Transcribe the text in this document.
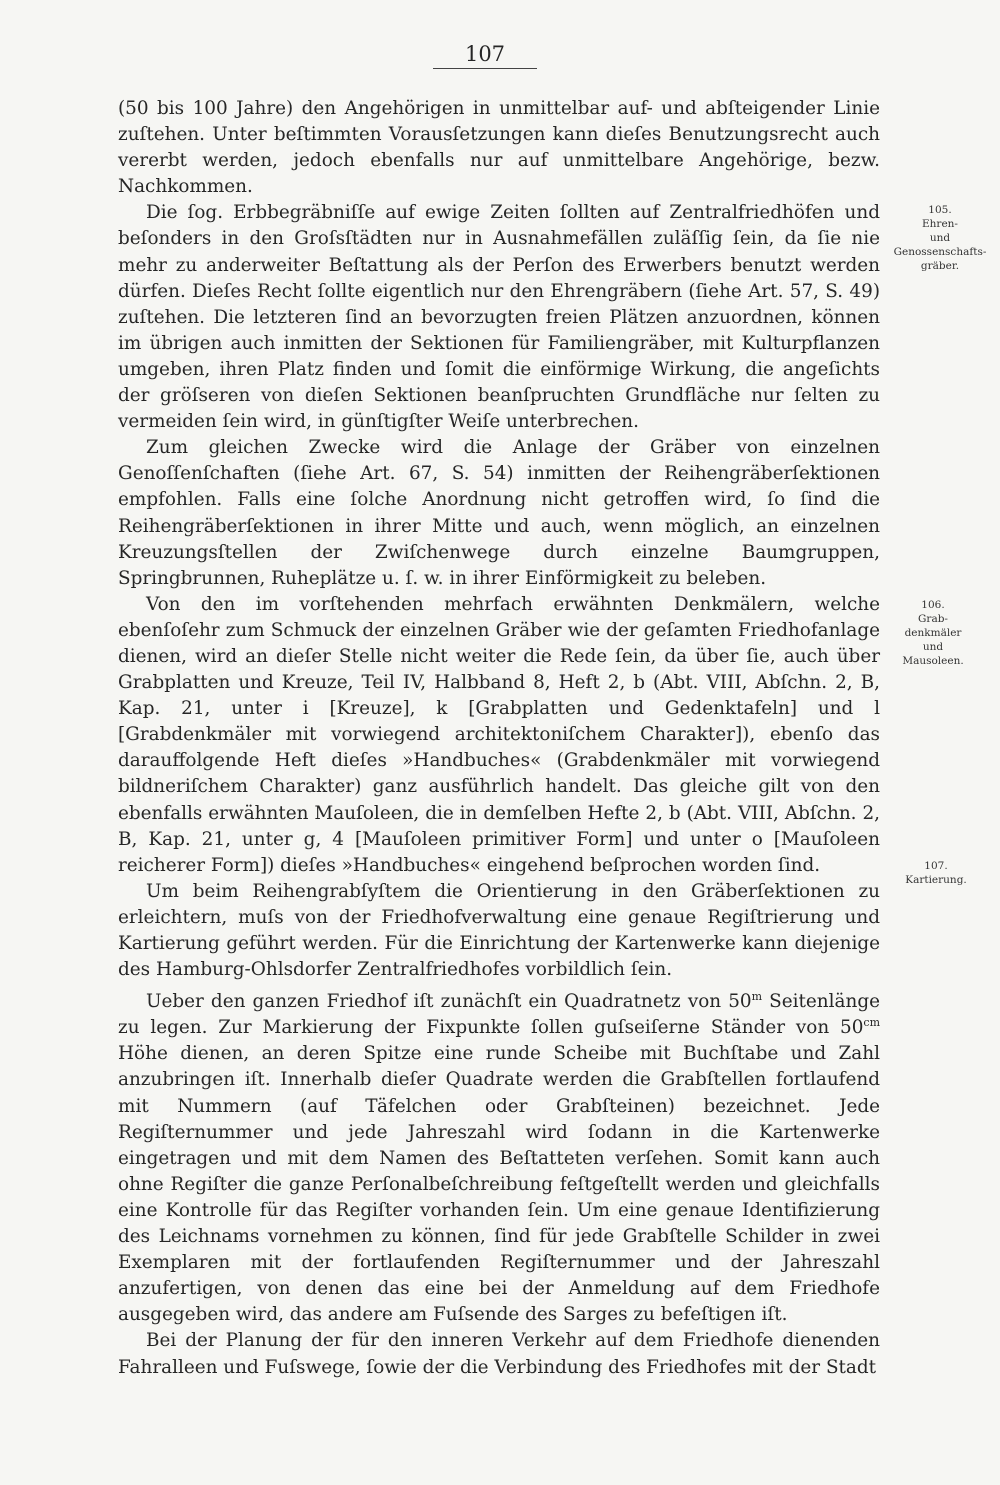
107

(50 bis 100 Jahre) den Angehörigen in unmittelbar auf- und abſteigender Linie zuſtehen. Unter beſtimmten Vorausſetzungen kann dieſes Benutzungsrecht auch vererbt werden, jedoch ebenfalls nur auf unmittelbare Angehörige, bezw. Nachkommen.

Die ſog. Erbbegräbniſſe auf ewige Zeiten ſollten auf Zentralfriedhöfen und beſonders in den Groſsſtädten nur in Ausnahmefällen zuläſſig ſein, da ſie nie mehr zu anderweiter Beſtattung als der Perſon des Erwerbers benutzt werden dürfen. Dieſes Recht ſollte eigentlich nur den Ehrengräbern (ſiehe Art. 57, S. 49) zuſtehen. Die letzteren ſind an bevorzugten freien Plätzen anzuordnen, können im übrigen auch inmitten der Sektionen für Familiengräber, mit Kulturpflanzen umgeben, ihren Platz finden und ſomit die einförmige Wirkung, die angeſichts der gröſseren von dieſen Sektionen beanſpruchten Grundfläche nur ſelten zu vermeiden ſein wird, in günſtigſter Weiſe unterbrechen.

Zum gleichen Zwecke wird die Anlage der Gräber von einzelnen Genoſſenſchaften (ſiehe Art. 67, S. 54) inmitten der Reihengräberſektionen empfohlen. Falls eine ſolche Anordnung nicht getroffen wird, ſo ſind die Reihengräberſektionen in ihrer Mitte und auch, wenn möglich, an einzelnen Kreuzungsſtellen der Zwiſchenwege durch einzelne Baumgruppen, Springbrunnen, Ruheplätze u. ſ. w. in ihrer Einförmigkeit zu beleben.

Von den im vorſtehenden mehrfach erwähnten Denkmälern, welche ebenſoſehr zum Schmuck der einzelnen Gräber wie der geſamten Friedhofanlage dienen, wird an dieſer Stelle nicht weiter die Rede ſein, da über ſie, auch über Grabplatten und Kreuze, Teil IV, Halbband 8, Heft 2, b (Abt. VIII, Abſchn. 2, B, Kap. 21, unter i [Kreuze], k [Grabplatten und Gedenktafeln] und l [Grabdenkmäler mit vorwiegend architektoniſchem Charakter]), ebenſo das darauffolgende Heft dieſes »Handbuches« (Grabdenkmäler mit vorwiegend bildneriſchem Charakter) ganz ausführlich handelt. Das gleiche gilt von den ebenfalls erwähnten Mauſoleen, die in demſelben Hefte 2, b (Abt. VIII, Abſchn. 2, B, Kap. 21, unter g, 4 [Mauſoleen primitiver Form] und unter o [Mauſoleen reicherer Form]) dieſes »Handbuches« eingehend beſprochen worden ſind.

Um beim Reihengrabſyſtem die Orientierung in den Gräberſektionen zu erleichtern, muſs von der Friedhofverwaltung eine genaue Regiſtrierung und Kartierung geführt werden. Für die Einrichtung der Kartenwerke kann diejenige des Hamburg-Ohlsdorfer Zentralfriedhofes vorbildlich ſein.

Ueber den ganzen Friedhof iſt zunächſt ein Quadratnetz von 50$^m$ Seitenlänge zu legen. Zur Markierung der Fixpunkte ſollen guſseiſerne Ständer von $50^{cm}$ Höhe dienen, an deren Spitze eine runde Scheibe mit Buchſtabe und Zahl anzubringen iſt. Innerhalb dieſer Quadrate werden die Grabſtellen fortlaufend mit Nummern (auf Täfelchen oder Grabſteinen) bezeichnet. Jede Regiſternummer und jede Jahreszahl wird ſodann in die Kartenwerke eingetragen und mit dem Namen des Beſtatteten verſehen. Somit kann auch ohne Regiſter die ganze Perſonalbeſchreibung feſtgeſtellt werden und gleichfalls eine Kontrolle für das Regiſter vorhanden ſein. Um eine genaue Identifizierung des Leichnams vornehmen zu können, ſind für jede Grabſtelle Schilder in zwei Exemplaren mit der fortlaufenden Regiſternummer und der Jahreszahl anzufertigen, von denen das eine bei der Anmeldung auf dem Friedhofe ausgegeben wird, das andere am Fuſsende des Sarges zu befeſtigen iſt.

Bei der Planung der für den inneren Verkehr auf dem Friedhofe dienenden Fahralleen und Fuſswege, ſowie der die Verbindung des Friedhofes mit der Stadt

105.
Ehren-
und
Genossenschafts-
gräber.
106.
Grab-
denkmäler
und
Mausoleen.
107.
Kartierung.
